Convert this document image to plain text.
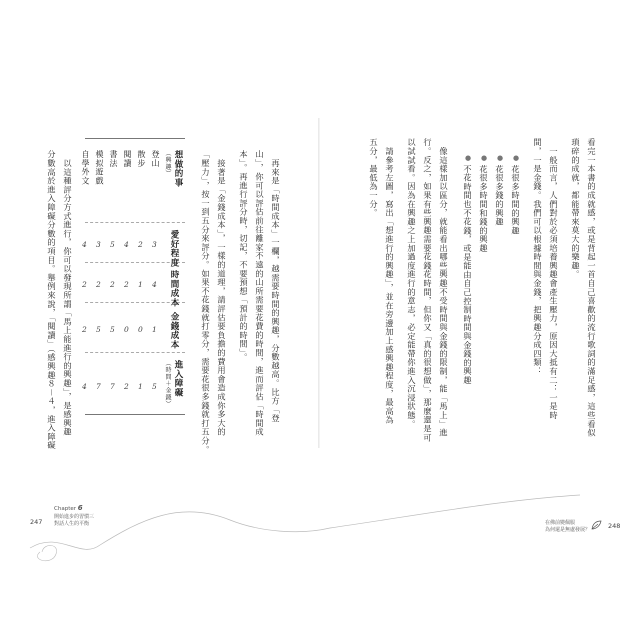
看完一本書的成就感，或是背起一首自己喜歡的流行歌詞的滿足感，這些看似
瑣碎的成就，都能帶來莫大的樂趣。
　一般而言，人們對於必須培養興趣會產生壓力，原因大抵有二：一是時
間，一是金錢。我們可以根據時間與金錢，把興趣分成四類：
● 花很多時間的興趣
● 花很多錢的興趣
● 花很多時間和錢的興趣
● 不花時間也不花錢，或是能由自己控制時間與金錢的興趣
　像這樣加以區分，就能看出哪些興趣不受時間與金錢的限制，能「馬上」進
行。反之，如果有些興趣需要花錢花時間，但你又「真的很想做」，那麼還是可
以試試看。因為在興趣之上加過度進行的意志，必定能帶你進入沉浸狀態。
　請參考左圖，寫出「想進行的興趣」，並在旁邊加上感興趣程度，最高為
五分，最低為一分。
在佛前變佩服
為何還是無處發展？	248
　再來是「時間成本」一欄，越需要時間的興趣，分數越高。比方「登
山」，你可以評估前往離家不遠的山所需要花費的時間，進而評估「時間成
本」。再進行評分時，切記，不要預想「預計的時間」。
　接著是「金錢成本」，一樣的道理，請評估要負擔的費用會造成你多大的
「壓力」，按一到五分來評分。如果不花錢就打零分，需要花很多錢就打五分。
想做的事
（興趣）
愛好程度
時間成本
金錢成本
進入障礙
（時間＋金錢）
登山
3
4
1
5
散步
2
1
0
1
閱讀
4
2
0
2
書法
5
2
5
7
模拟遊戲
3
2
5
7
自學外文
4
2
2
4
　以這種評分方式進行，你可以發現所謂「馬上能進行的興趣」，是感興趣
分數高於進入障礙分數的項目。舉例來說，「閱讀」（感興趣８－４，進入障礙
Chapter 6
開始進步的習慣三
對話人生的平衡
247
